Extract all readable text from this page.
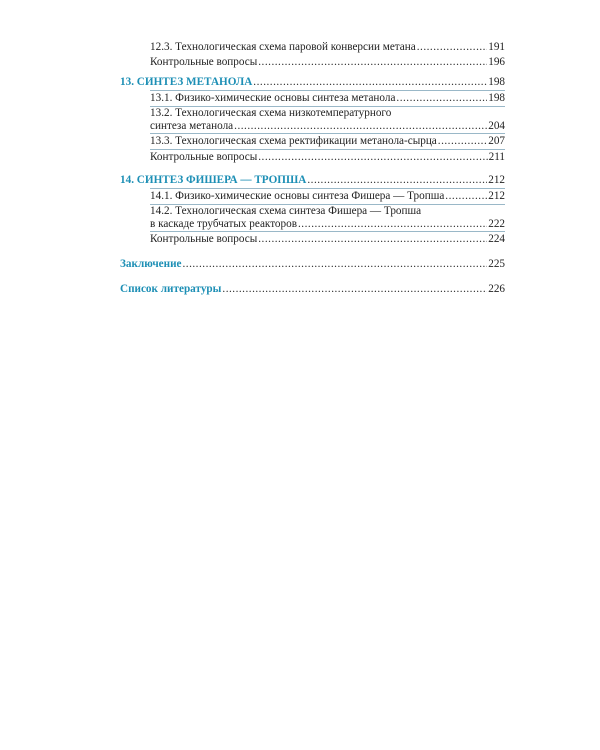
12.3. Технологическая схема паровой конверсии метана .....	191
Контрольные вопросы .....	196
13. СИНТЕЗ МЕТАНОЛА .....	198
13.1. Физико-химические основы синтеза метанола .....	198
13.2. Технологическая схема низкотемпературного
синтеза метанола .....	204
13.3. Технологическая схема ректификации метанола-сырца .....	207
Контрольные вопросы .....	211
14. СИНТЕЗ ФИШЕРА — ТРОПША .....	212
14.1. Физико-химические основы синтеза Фишера — Тропша .....	212
14.2. Технологическая схема синтеза Фишера — Тропша
в каскаде трубчатых реакторов .....	222
Контрольные вопросы .....	224
Заключение .....	225
Список литературы .....	226
